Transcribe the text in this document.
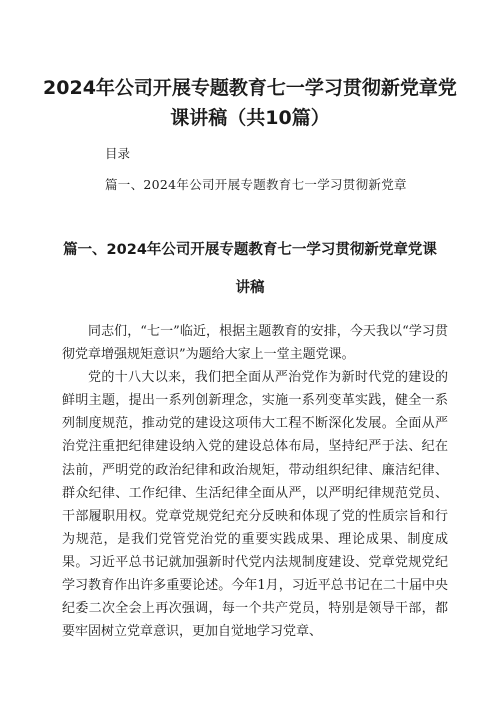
2024年公司开展专题教育七一学习贯彻新党章党课讲稿（共10篇）
目录
篇一、2024年公司开展专题教育七一学习贯彻新党章
篇一、2024年公司开展专题教育七一学习贯彻新党章党课
讲稿

同志们，“七一”临近，根据主题教育的安排，今天我以“学习贯彻党章增强规矩意识”为题给大家上一堂主题党课。

党的十八大以来，我们把全面从严治党作为新时代党的建设的鲜明主题，提出一系列创新理念，实施一系列变革实践，健全一系列制度规范，推动党的建设这项伟大工程不断深化发展。全面从严治党注重把纪律建设纳入党的建设总体布局，坚持纪严于法、纪在法前，严明党的政治纪律和政治规矩，带动组织纪律、廉洁纪律、群众纪律、工作纪律、生活纪律全面从严，以严明纪律规范党员、干部履职用权。党章党规党纪充分反映和体现了党的性质宗旨和行为规范，是我们党管党治党的重要实践成果、理论成果、制度成果。习近平总书记就加强新时代党内法规制度建设、党章党规党纪学习教育作出许多重要论述。今年1月，习近平总书记在二十届中央纪委二次全会上再次强调，每一个共产党员，特别是领导干部，都要牢固树立党章意识，更加自觉地学习党章、
